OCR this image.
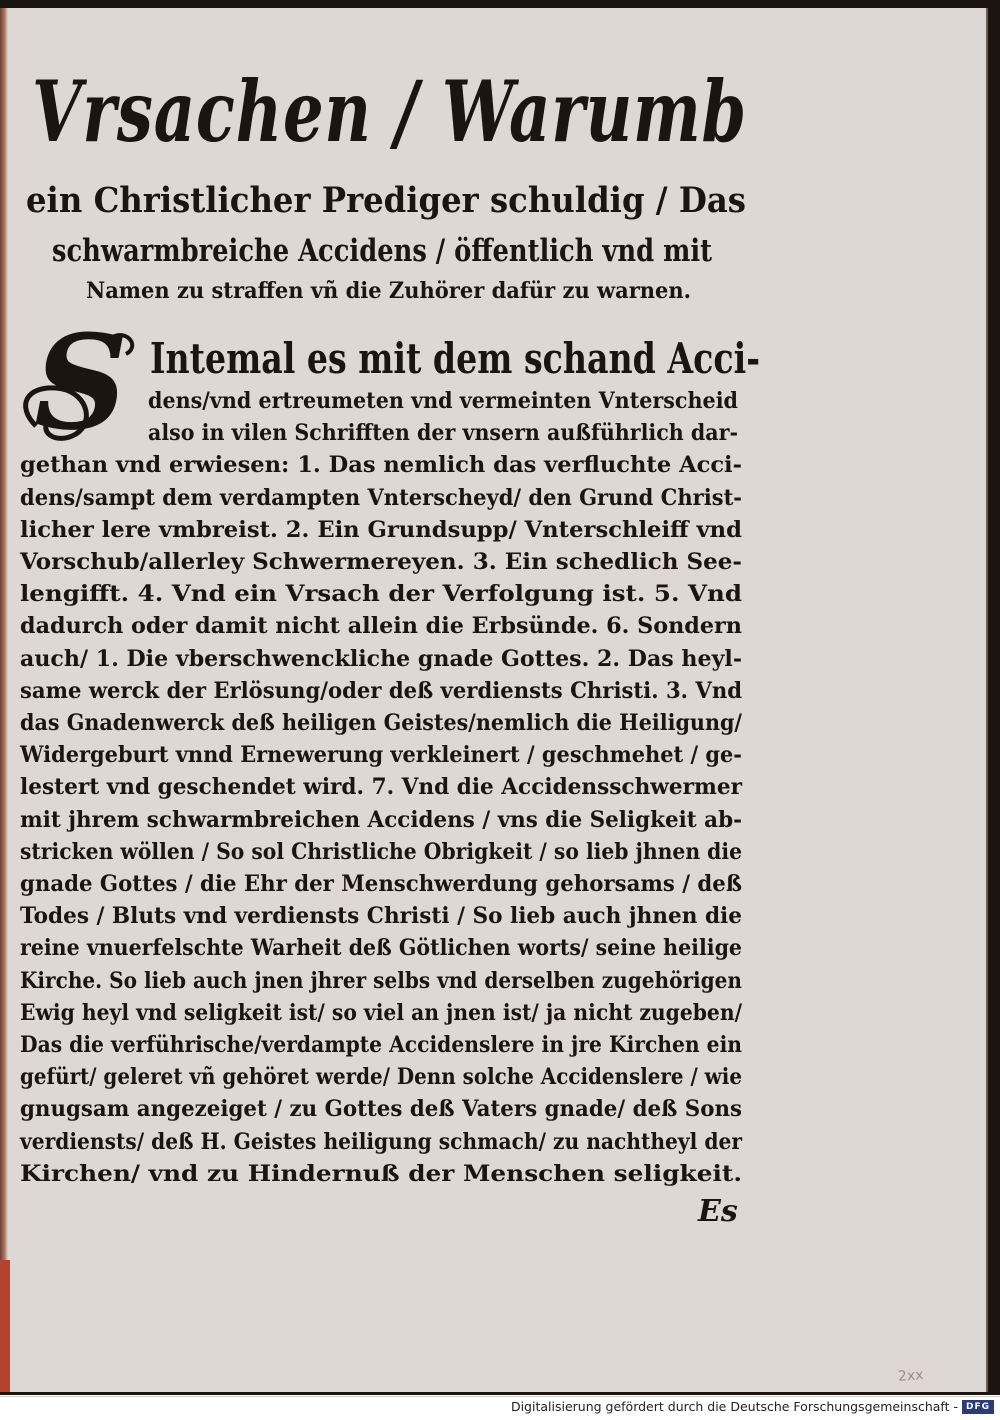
Vrsachen / Warumb
ein Christlicher Prediger schuldig / Das
schwarmbreiche Accidens / öffentlich vnd mit
Namen zu straffen vñ die Zuhörer dafür zu warnen.
S Intemal es mit dem schand Acci-
dens/vnd ertreumeten vnd vermeinten Vnterscheid
also in vilen Schrifften der vnsern außführlich dar-
gethan vnd erwiesen: 1. Das nemlich das verfluchte Acci-
dens/sampt dem verdampten Vnterscheyd/ den Grund Christ-
licher lere vmbreist. 2. Ein Grundsupp/ Vnterschleiff vnd
Vorschub/allerley Schwermereyen. 3. Ein schedlich See-
lengifft. 4. Vnd ein Vrsach der Verfolgung ist. 5. Vnd
dadurch oder damit nicht allein die Erbsünde. 6. Sondern
auch/ 1. Die vberschwenckliche gnade Gottes. 2. Das heyl-
same werck der Erlösung/oder deß verdiensts Christi. 3. Vnd
das Gnadenwerck deß heiligen Geistes/nemlich die Heiligung/
Widergeburt vnnd Ernewerung verkleinert / geschmehet / ge-
lestert vnd geschendet wird. 7. Vnd die Accidensschwermer
mit jhrem schwarmbreichen Accidens / vns die Seligkeit ab-
stricken wöllen / So sol Christliche Obrigkeit / so lieb jhnen die
gnade Gottes / die Ehr der Menschwerdung gehorsams / deß
Todes / Bluts vnd verdiensts Christi / So lieb auch jhnen die
reine vnuerfelschte Warheit deß Götlichen worts/ seine heilige
Kirche. So lieb auch jnen jhrer selbs vnd derselben zugehörigen
Ewig heyl vnd seligkeit ist/ so viel an jnen ist/ ja nicht zugeben/
Das die verführische/verdampte Accidenslere in jre Kirchen ein
gefürt/ geleret vñ gehöret werde/ Denn solche Accidenslere / wie
gnugsam angezeiget / zu Gottes deß Vaters gnade/ deß Sons
verdiensts/ deß H. Geistes heiligung schmach/ zu nachtheyl der
Kirchen/ vnd zu Hindernuß der Menschen seligkeit.
Es
2xx
Digitalisierung gefördert durch die Deutsche Forschungsgemeinschaft - DFG
